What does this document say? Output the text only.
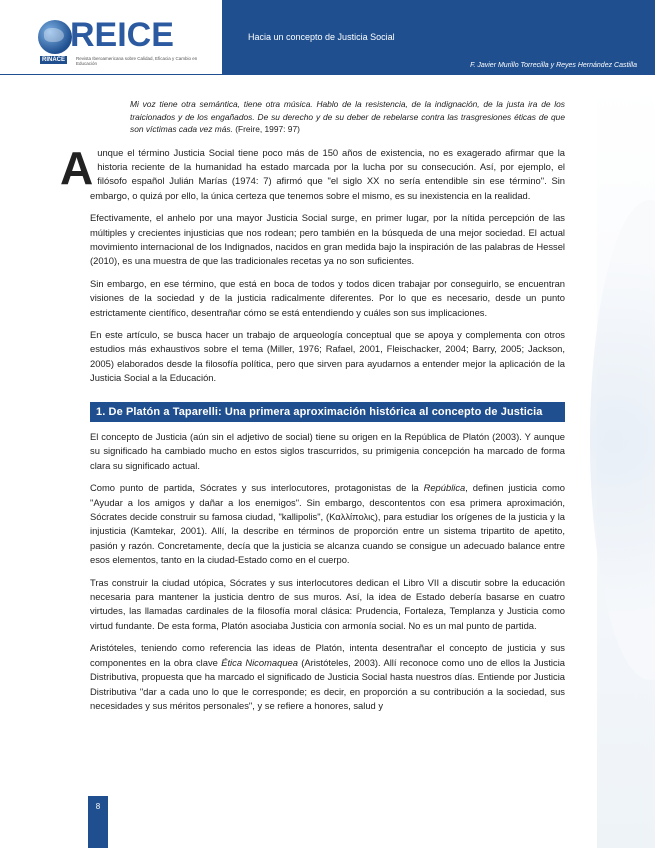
REICE
RINACE	Revista Iberoamericana sobre Calidad, Eficacia y Cambio en Educación
Hacia un concepto de Justicia Social
F. Javier Murillo Torrecilla y Reyes Hernández Castilla
Mi voz tiene otra semántica, tiene otra música. Hablo de la resistencia, de la indignación, de la justa ira de los traicionados y de los engañados. De su derecho y de su deber de rebelarse contra las trasgresiones éticas de que son víctimas cada vez más. (Freire, 1997: 97)
Aunque el término Justicia Social tiene poco más de 150 años de existencia, no es exagerado afirmar que la historia reciente de la humanidad ha estado marcada por la lucha por su consecución. Así, por ejemplo, el filósofo español Julián Marías (1974: 7) afirmó que "el siglo XX no sería entendible sin ese término". Sin embargo, o quizá por ello, la única certeza que tenemos sobre el mismo, es su inexistencia en la realidad.
Efectivamente, el anhelo por una mayor Justicia Social surge, en primer lugar, por la nítida percepción de las múltiples y crecientes injusticias que nos rodean; pero también en la búsqueda de una mejor sociedad. El actual movimiento internacional de los Indignados, nacidos en gran medida bajo la inspiración de las palabras de Hessel (2010), es una muestra de que las tradicionales recetas ya no son suficientes.
Sin embargo, en ese término, que está en boca de todos y todos dicen trabajar por conseguirlo, se encuentran visiones de la sociedad y de la justicia radicalmente diferentes. Por lo que es necesario, desde un punto estrictamente científico, desentrañar cómo se está entendiendo y cuáles son sus implicaciones.
En este artículo, se busca hacer un trabajo de arqueología conceptual que se apoya y complementa con otros estudios más exhaustivos sobre el tema (Miller, 1976; Rafael, 2001, Fleischacker, 2004; Barry, 2005; Jackson, 2005) elaborados desde la filosofía política, pero que sirven para ayudarnos a entender mejor la aplicación de la Justicia Social a la Educación.
1. De Platón a Taparelli: Una primera aproximación histórica al concepto de Justicia
El concepto de Justicia (aún sin el adjetivo de social) tiene su origen en la República de Platón (2003). Y aunque su significado ha cambiado mucho en estos siglos trascurridos, su primigenia concepción ha marcado de forma clara su significado actual.
Como punto de partida, Sócrates y sus interlocutores, protagonistas de la República, definen justicia como "Ayudar a los amigos y dañar a los enemigos". Sin embargo, descontentos con esa primera aproximación, Sócrates decide construir su famosa ciudad, "kallipolis", (Καλλίπολις), para estudiar los orígenes de la justicia y la injusticia (Kamtekar, 2001). Allí, la describe en términos de proporción entre un sistema tripartito de apetito, pasión y razón. Concretamente, decía que la justicia se alcanza cuando se consigue un adecuado balance entre esos elementos, tanto en la ciudad-Estado como en el cuerpo.
Tras construir la ciudad utópica, Sócrates y sus interlocutores dedican el Libro VII a discutir sobre la educación necesaria para mantener la justicia dentro de sus muros. Así, la idea de Estado debería basarse en cuatro virtudes, las llamadas cardinales de la filosofía moral clásica: Prudencia, Fortaleza, Templanza y Justicia como virtud fundante. De esta forma, Platón asociaba Justicia con armonía social. No es un mal punto de partida.
Aristóteles, teniendo como referencia las ideas de Platón, intenta desentrañar el concepto de justicia y sus componentes en la obra clave Ética Nicomaquea (Aristóteles, 2003). Allí reconoce como uno de ellos la Justicia Distributiva, propuesta que ha marcado el significado de Justicia Social hasta nuestros días. Entiende por Justicia Distributiva "dar a cada uno lo que le corresponde; es decir, en proporción a su contribución a la sociedad, sus necesidades y sus méritos personales", y se refiere a honores, salud y
8
